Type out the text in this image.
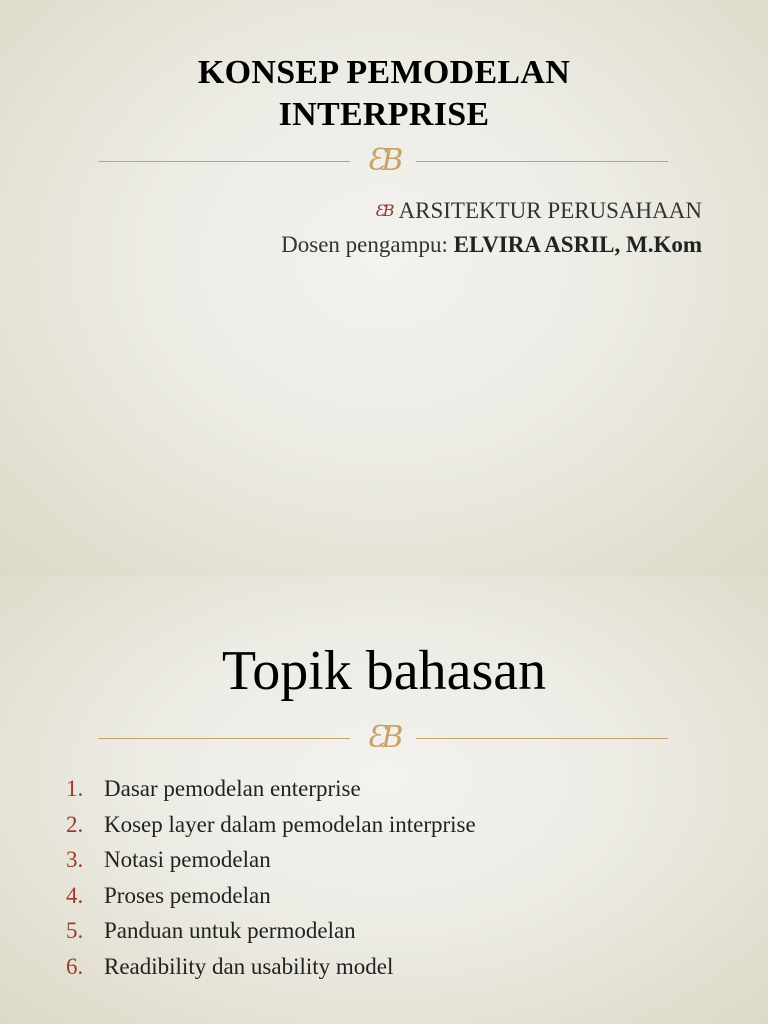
KONSEP PEMODELAN
INTERPRISE
ƐВ
ƐВ ARSITEKTUR PERUSAHAAN
Dosen pengampu: ELVIRA ASRIL, M.Kom
Topik bahasan
ƐВ
1. Dasar pemodelan enterprise
2. Kosep layer dalam pemodelan interprise
3. Notasi pemodelan
4. Proses pemodelan
5. Panduan untuk permodelan
6. Readibility dan usability model
